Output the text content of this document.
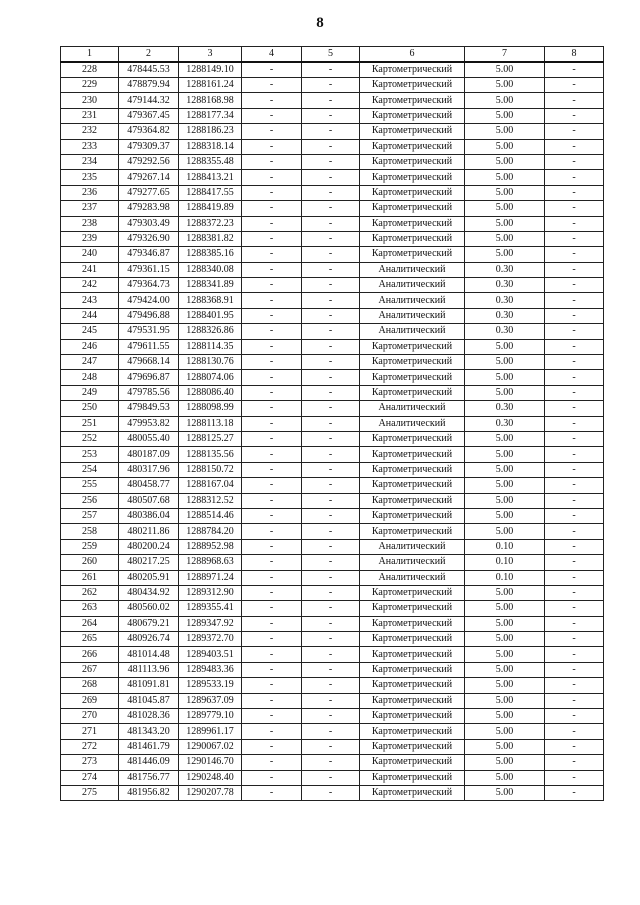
8
1	2	3	4	5	6	7	8
228	478445.53	1288149.10	-	-	Картометрический	5.00	-
229	478879.94	1288161.24	-	-	Картометрический	5.00	-
230	479144.32	1288168.98	-	-	Картометрический	5.00	-
231	479367.45	1288177.34	-	-	Картометрический	5.00	-
232	479364.82	1288186.23	-	-	Картометрический	5.00	-
233	479309.37	1288318.14	-	-	Картометрический	5.00	-
234	479292.56	1288355.48	-	-	Картометрический	5.00	-
235	479267.14	1288413.21	-	-	Картометрический	5.00	-
236	479277.65	1288417.55	-	-	Картометрический	5.00	-
237	479283.98	1288419.89	-	-	Картометрический	5.00	-
238	479303.49	1288372.23	-	-	Картометрический	5.00	-
239	479326.90	1288381.82	-	-	Картометрический	5.00	-
240	479346.87	1288385.16	-	-	Картометрический	5.00	-
241	479361.15	1288340.08	-	-	Аналитический	0.30	-
242	479364.73	1288341.89	-	-	Аналитический	0.30	-
243	479424.00	1288368.91	-	-	Аналитический	0.30	-
244	479496.88	1288401.95	-	-	Аналитический	0.30	-
245	479531.95	1288326.86	-	-	Аналитический	0.30	-
246	479611.55	1288114.35	-	-	Картометрический	5.00	-
247	479668.14	1288130.76	-	-	Картометрический	5.00	-
248	479696.87	1288074.06	-	-	Картометрический	5.00	-
249	479785.56	1288086.40	-	-	Картометрический	5.00	-
250	479849.53	1288098.99	-	-	Аналитический	0.30	-
251	479953.82	1288113.18	-	-	Аналитический	0.30	-
252	480055.40	1288125.27	-	-	Картометрический	5.00	-
253	480187.09	1288135.56	-	-	Картометрический	5.00	-
254	480317.96	1288150.72	-	-	Картометрический	5.00	-
255	480458.77	1288167.04	-	-	Картометрический	5.00	-
256	480507.68	1288312.52	-	-	Картометрический	5.00	-
257	480386.04	1288514.46	-	-	Картометрический	5.00	-
258	480211.86	1288784.20	-	-	Картометрический	5.00	-
259	480200.24	1288952.98	-	-	Аналитический	0.10	-
260	480217.25	1288968.63	-	-	Аналитический	0.10	-
261	480205.91	1288971.24	-	-	Аналитический	0.10	-
262	480434.92	1289312.90	-	-	Картометрический	5.00	-
263	480560.02	1289355.41	-	-	Картометрический	5.00	-
264	480679.21	1289347.92	-	-	Картометрический	5.00	-
265	480926.74	1289372.70	-	-	Картометрический	5.00	-
266	481014.48	1289403.51	-	-	Картометрический	5.00	-
267	481113.96	1289483.36	-	-	Картометрический	5.00	-
268	481091.81	1289533.19	-	-	Картометрический	5.00	-
269	481045.87	1289637.09	-	-	Картометрический	5.00	-
270	481028.36	1289779.10	-	-	Картометрический	5.00	-
271	481343.20	1289961.17	-	-	Картометрический	5.00	-
272	481461.79	1290067.02	-	-	Картометрический	5.00	-
273	481446.09	1290146.70	-	-	Картометрический	5.00	-
274	481756.77	1290248.40	-	-	Картометрический	5.00	-
275	481956.82	1290207.78	-	-	Картометрический	5.00	-
